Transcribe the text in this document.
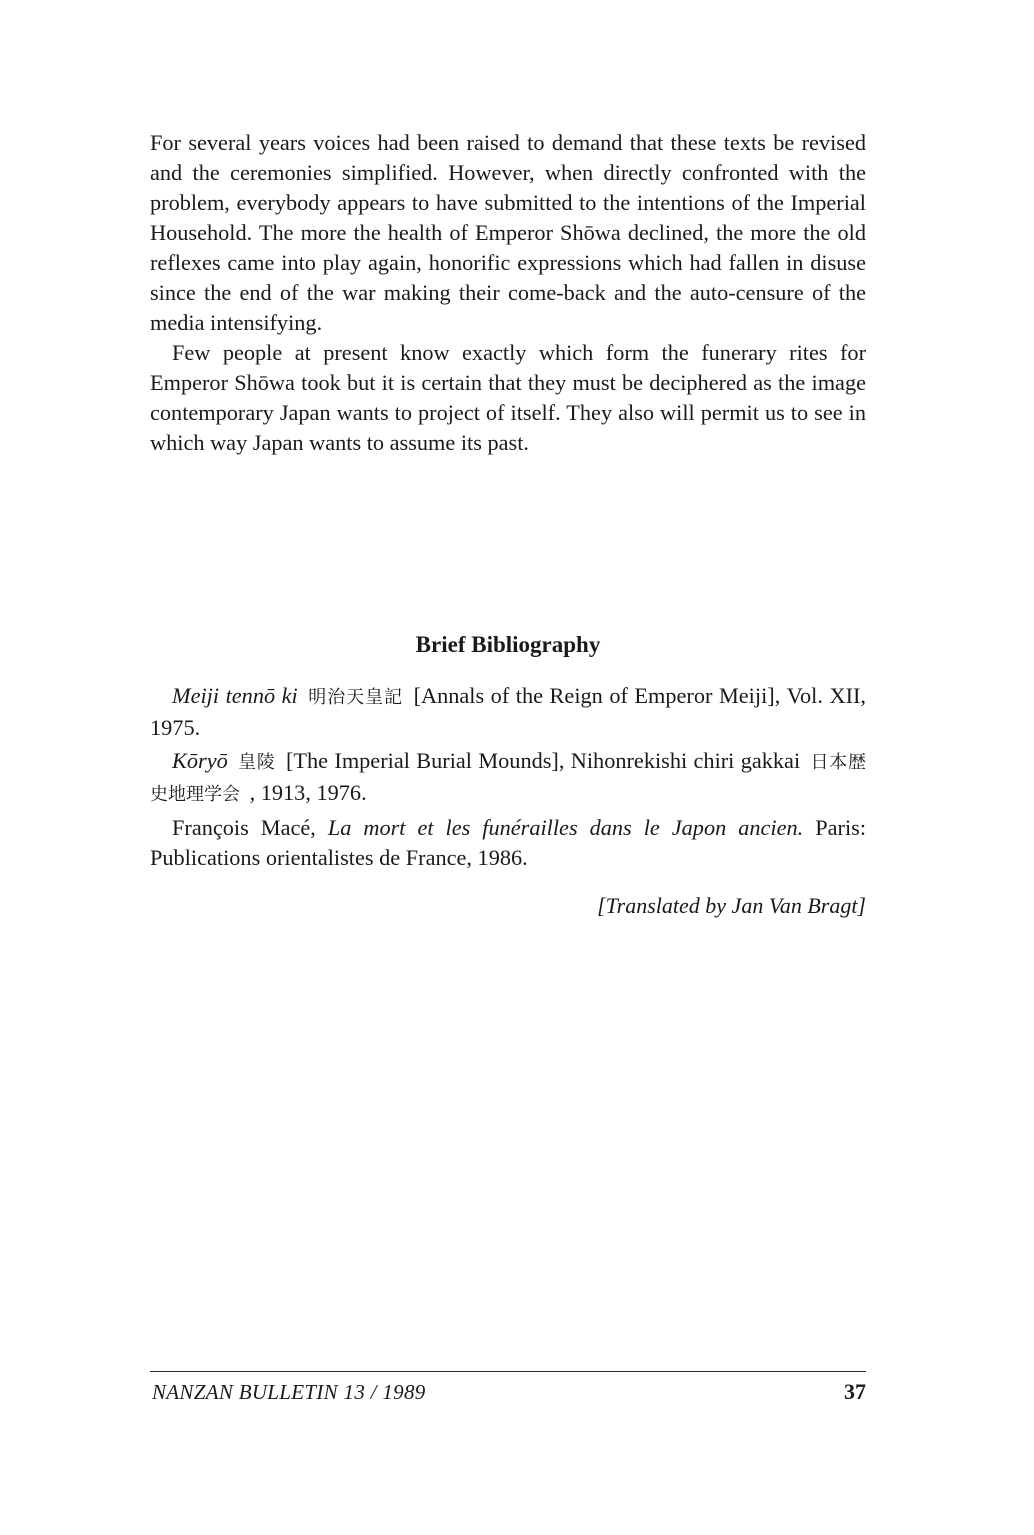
For several years voices had been raised to demand that these texts be revised and the ceremonies simplified. However, when directly confronted with the problem, everybody appears to have submitted to the intentions of the Imperial Household. The more the health of Emperor Shōwa declined, the more the old reflexes came into play again, honorific expressions which had fallen in disuse since the end of the war making their come-back and the auto-censure of the media intensifying.

Few people at present know exactly which form the funerary rites for Emperor Shōwa took but it is certain that they must be deciphered as the image contemporary Japan wants to project of itself. They also will permit us to see in which way Japan wants to assume its past.

Brief Bibliography

Meiji tennō ki 明治天皇記 [Annals of the Reign of Emperor Meiji], Vol. XII, 1975.

Kōryō 皇陵 [The Imperial Burial Mounds], Nihonrekishi chiri gakkai 日本歴史地理学会 , 1913, 1976.

François Macé, La mort et les funérailles dans le Japon ancien. Paris: Publications orientalistes de France, 1986.

[Translated by Jan Van Bragt]
NANZAN BULLETIN 13 / 1989	37
